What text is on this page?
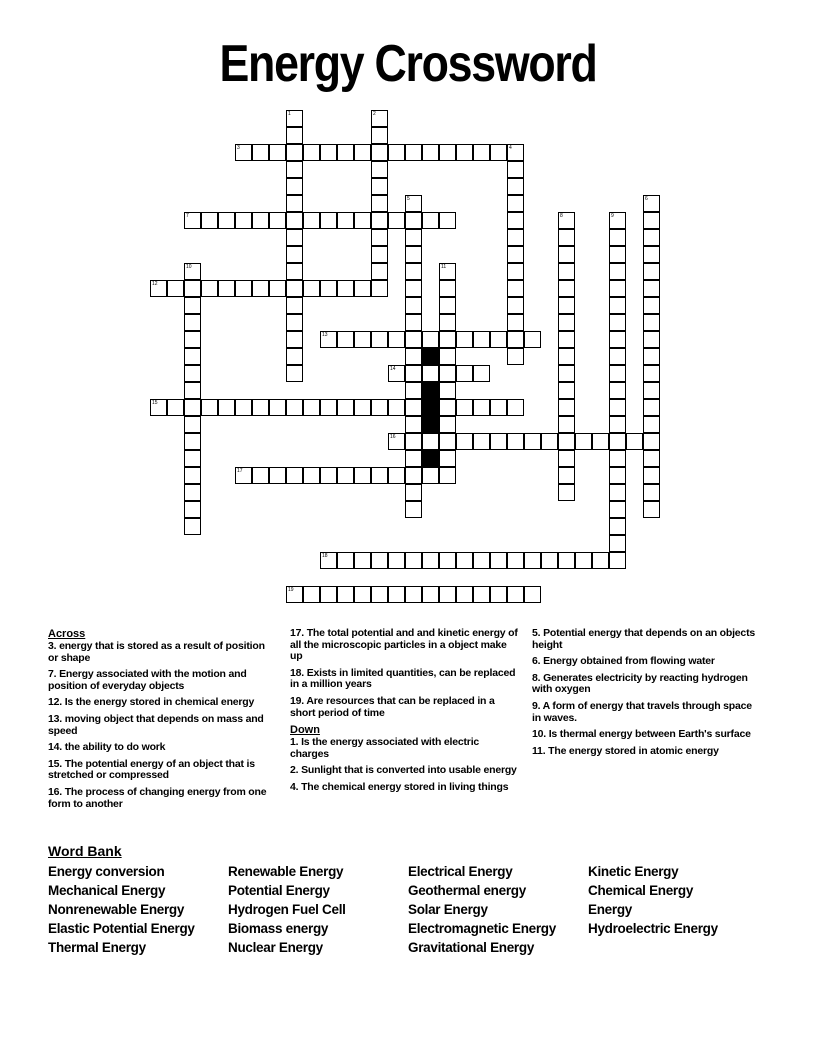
Energy Crossword
1	2
3	4
5	6
7	8	9
10	11
12
13
14
15
16
17
18
19
Across
3. energy that is stored as a result of position or shape
7. Energy associated with the motion and position of everyday objects
12. Is the energy stored in chemical energy
13. moving object that depends on mass and speed
14. the ability to do work
15. The potential energy of an object that is stretched or compressed
16. The process of changing energy from one form to another
17. The total potential and and kinetic energy of all the microscopic particles in a object make up
18. Exists in limited quantities, can be replaced in a million years
19. Are resources that can be replaced in a short period of time
Down
1. Is the energy associated with electric charges
2. Sunlight that is converted into usable energy
4. The chemical energy stored in living things
5. Potential energy that depends on an objects height
6. Energy obtained from flowing water
8. Generates electricity by reacting hydrogen with oxygen
9. A form of energy that travels through space in waves.
10. Is thermal energy between Earth's surface
11. The energy stored in atomic energy
Word Bank
Energy conversion
Mechanical Energy
Nonrenewable Energy
Elastic Potential Energy
Thermal Energy
Renewable Energy
Potential Energy
Hydrogen Fuel Cell
Biomass energy
Nuclear Energy
Electrical Energy
Geothermal energy
Solar Energy
Electromagnetic Energy
Gravitational Energy
Kinetic Energy
Chemical Energy
Energy
Hydroelectric Energy
